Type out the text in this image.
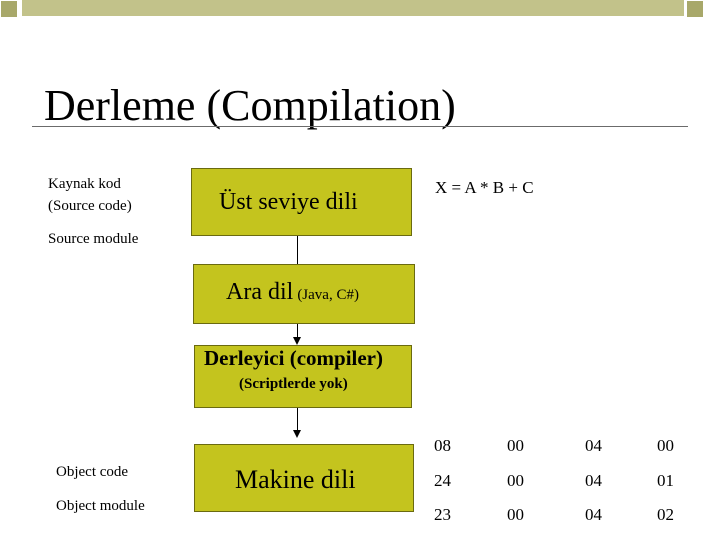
Derleme (Compilation)
Kaynak kod
(Source code)
Source module
Object code
Object module
Üst seviye dili
Ara dil (Java, C#)
Derleyici (compiler)
(Scriptlerde yok)
Makine dili
X = A * B + C
08	00	04	00
24	00	04	01
23	00	04	02
